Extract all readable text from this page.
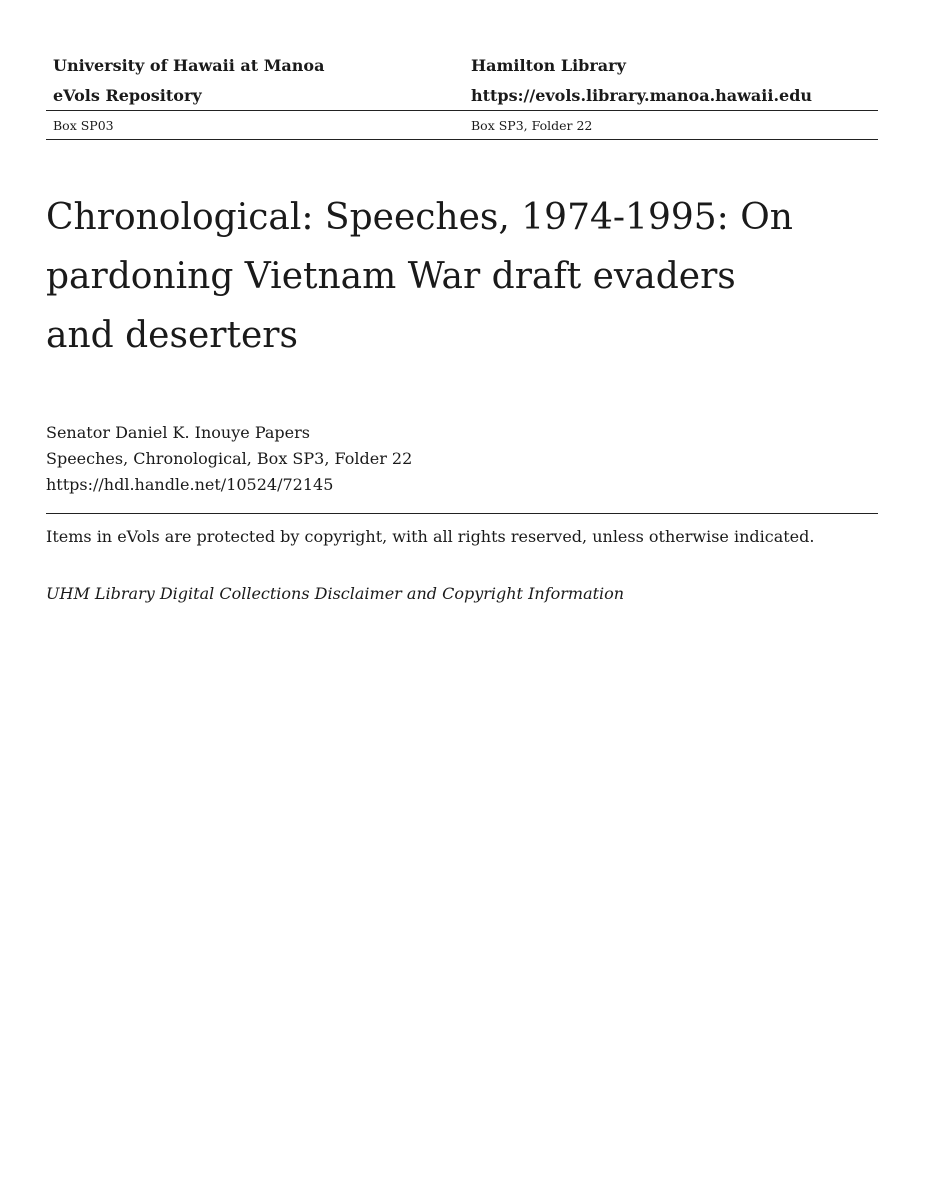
University of Hawaii at Manoa	Hamilton Library
eVols Repository	https://evols.library.manoa.hawaii.edu
Box SP03	Box SP3, Folder 22
Chronological: Speeches, 1974-1995: On pardoning Vietnam War draft evaders and deserters
Senator Daniel K. Inouye Papers
Speeches, Chronological, Box SP3, Folder 22
https://hdl.handle.net/10524/72145
Items in eVols are protected by copyright, with all rights reserved, unless otherwise indicated.
UHM Library Digital Collections Disclaimer and Copyright Information
